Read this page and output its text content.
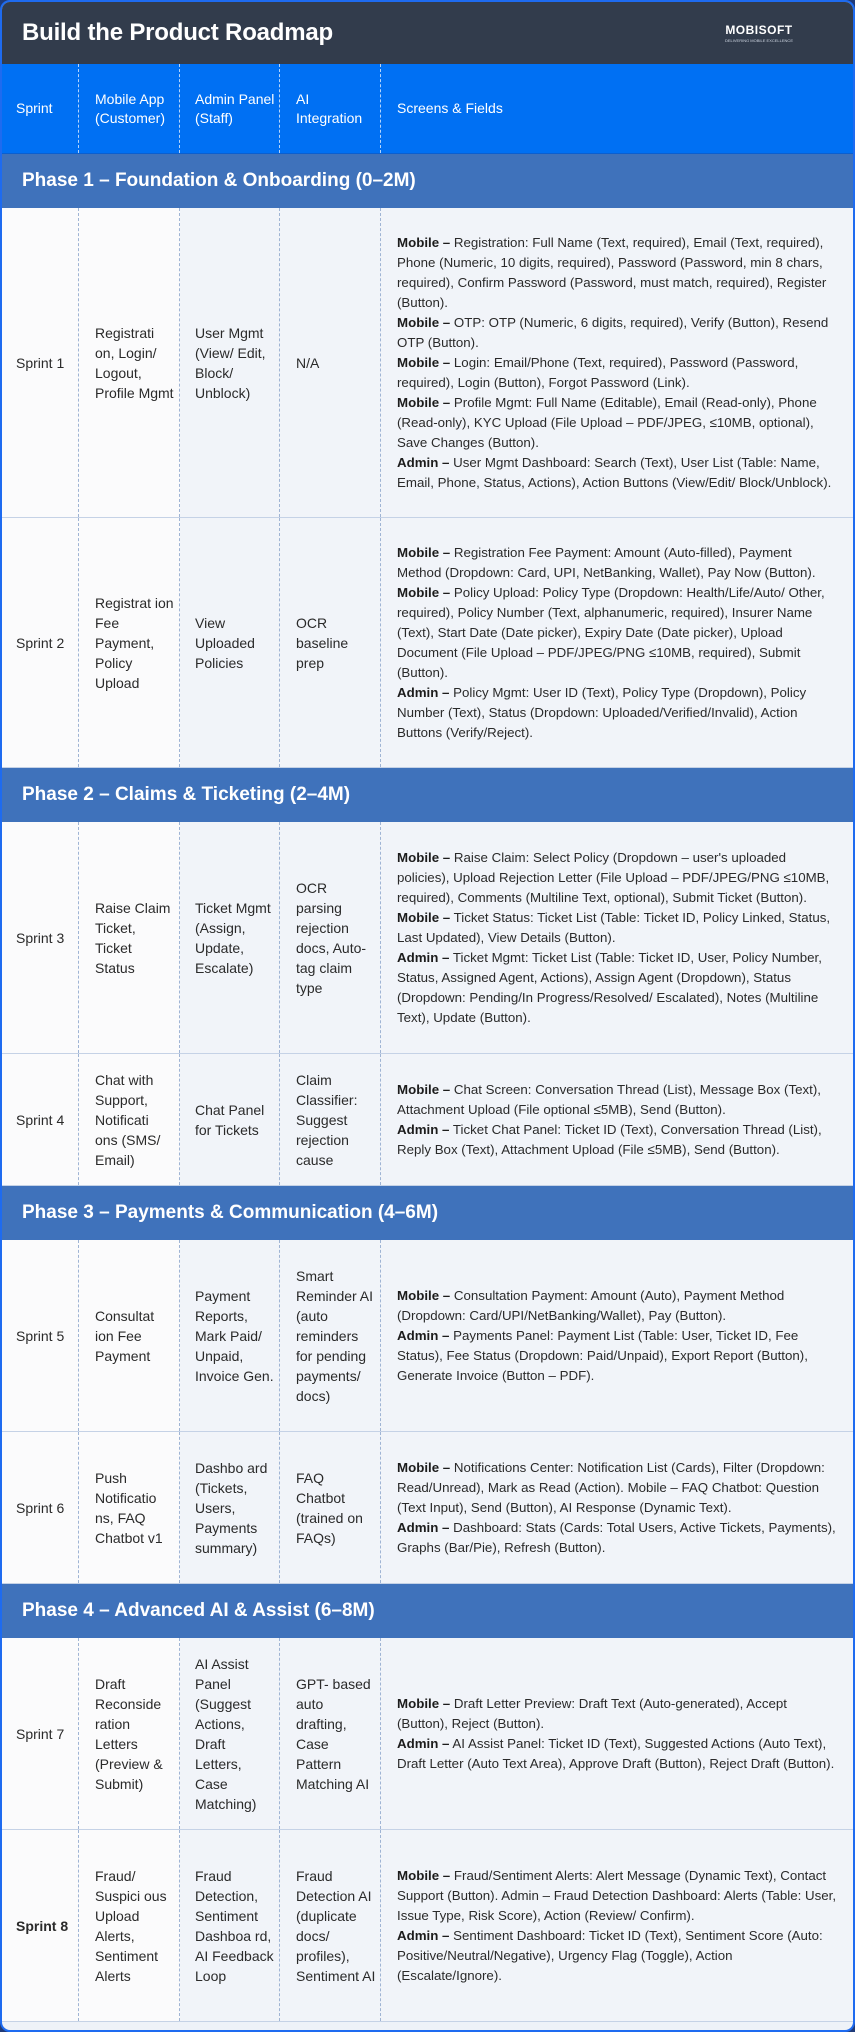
Build the Product Roadmap	MOBISOFT
DELIVERING MOBILE EXCELLENCE
Sprint
Mobile App (Customer)
Admin Panel (Staff)
AI Integration
Screens & Fields
Phase 1 – Foundation & Onboarding (0–2M)
Sprint 1
Registrati on, Login/ Logout, Profile Mgmt
User Mgmt (View/ Edit, Block/ Unblock)
N/A

Mobile – Registration: Full Name (Text, required), Email (Text, required), Phone (Numeric, 10 digits, required), Password (Password, min 8 chars, required), Confirm Password (Password, must match, required), Register (Button).

Mobile – OTP: OTP (Numeric, 6 digits, required), Verify (Button), Resend OTP (Button).

Mobile – Login: Email/Phone (Text, required), Password (Password, required), Login (Button), Forgot Password (Link).

Mobile – Profile Mgmt: Full Name (Editable), Email (Read-only), Phone (Read-only), KYC Upload (File Upload – PDF/JPEG, ≤10MB, optional), Save Changes (Button).

Admin – User Mgmt Dashboard: Search (Text), User List (Table: Name, Email, Phone, Status, Actions), Action Buttons (View/Edit/ Block/Unblock).

Sprint 2
Registrat ion Fee Payment, Policy Upload
View Uploaded Policies
OCR baseline prep

Mobile – Registration Fee Payment: Amount (Auto-filled), Payment Method (Dropdown: Card, UPI, NetBanking, Wallet), Pay Now (Button).

Mobile – Policy Upload: Policy Type (Dropdown: Health/Life/Auto/ Other, required), Policy Number (Text, alphanumeric, required), Insurer Name (Text), Start Date (Date picker), Expiry Date (Date picker), Upload Document (File Upload – PDF/JPEG/PNG ≤10MB, required), Submit (Button).

Admin – Policy Mgmt: User ID (Text), Policy Type (Dropdown), Policy Number (Text), Status (Dropdown: Uploaded/Verified/Invalid), Action Buttons (Verify/Reject).

Phase 2 – Claims & Ticketing (2–4M)
Sprint 3
Raise Claim Ticket, Ticket Status
Ticket Mgmt (Assign, Update, Escalate)
OCR parsing rejection docs, Auto-tag claim type

Mobile – Raise Claim: Select Policy (Dropdown – user's uploaded policies), Upload Rejection Letter (File Upload – PDF/JPEG/PNG ≤10MB, required), Comments (Multiline Text, optional), Submit Ticket (Button).

Mobile – Ticket Status: Ticket List (Table: Ticket ID, Policy Linked, Status, Last Updated), View Details (Button).

Admin – Ticket Mgmt: Ticket List (Table: Ticket ID, User, Policy Number, Status, Assigned Agent, Actions), Assign Agent (Dropdown), Status (Dropdown: Pending/In Progress/Resolved/ Escalated), Notes (Multiline Text), Update (Button).

Sprint 4
Chat with Support, Notificati ons (SMS/ Email)
Chat Panel for Tickets
Claim Classifier: Suggest rejection cause

Mobile – Chat Screen: Conversation Thread (List), Message Box (Text), Attachment Upload (File optional ≤5MB), Send (Button).

Admin – Ticket Chat Panel: Ticket ID (Text), Conversation Thread (List), Reply Box (Text), Attachment Upload (File ≤5MB), Send (Button).

Phase 3 – Payments & Communication (4–6M)
Sprint 5
Consultat ion Fee Payment
Payment Reports, Mark Paid/ Unpaid, Invoice Gen.
Smart Reminder AI (auto reminders for pending payments/ docs)

Mobile – Consultation Payment: Amount (Auto), Payment Method (Dropdown: Card/UPI/NetBanking/Wallet), Pay (Button).

Admin – Payments Panel: Payment List (Table: User, Ticket ID, Fee Status), Fee Status (Dropdown: Paid/Unpaid), Export Report (Button), Generate Invoice (Button – PDF).

Sprint 6
Push Notificatio ns, FAQ Chatbot v1
Dashbo ard (Tickets, Users, Payments summary)
FAQ Chatbot (trained on FAQs)

Mobile – Notifications Center: Notification List (Cards), Filter (Dropdown: Read/Unread), Mark as Read (Action). Mobile – FAQ Chatbot: Question (Text Input), Send (Button), AI Response (Dynamic Text).

Admin – Dashboard: Stats (Cards: Total Users, Active Tickets, Payments), Graphs (Bar/Pie), Refresh (Button).

Phase 4 – Advanced AI & Assist (6–8M)
Sprint 7
Draft Reconside ration Letters (Preview & Submit)
AI Assist Panel (Suggest Actions, Draft Letters, Case Matching)
GPT- based auto drafting, Case Pattern Matching AI

Mobile – Draft Letter Preview: Draft Text (Auto-generated), Accept (Button), Reject (Button).

Admin – AI Assist Panel: Ticket ID (Text), Suggested Actions (Auto Text), Draft Letter (Auto Text Area), Approve Draft (Button), Reject Draft (Button).

Sprint 8
Fraud/ Suspici ous Upload Alerts, Sentiment Alerts
Fraud Detection, Sentiment Dashboa rd, AI Feedback Loop
Fraud Detection AI (duplicate docs/ profiles), Sentiment AI

Mobile – Fraud/Sentiment Alerts: Alert Message (Dynamic Text), Contact Support (Button). Admin – Fraud Detection Dashboard: Alerts (Table: User, Issue Type, Risk Score), Action (Review/ Confirm).

Admin – Sentiment Dashboard: Ticket ID (Text), Sentiment Score (Auto: Positive/Neutral/Negative), Urgency Flag (Toggle), Action (Escalate/Ignore).
